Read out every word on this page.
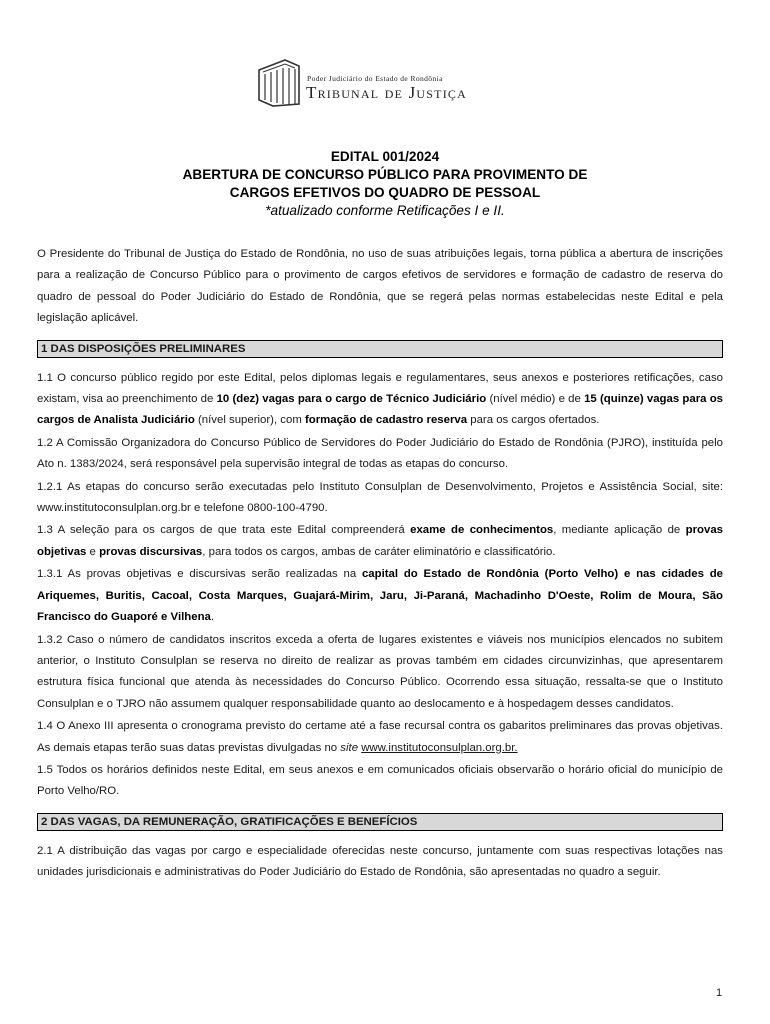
Poder Judiciário do Estado de Rondônia
Tribunal de Justiça
EDITAL 001/2024
ABERTURA DE CONCURSO PÚBLICO PARA PROVIMENTO DE
CARGOS EFETIVOS DO QUADRO DE PESSOAL
*atualizado conforme Retificações I e II.

O Presidente do Tribunal de Justiça do Estado de Rondônia, no uso de suas atribuições legais, torna pública a abertura de inscrições para a realização de Concurso Público para o provimento de cargos efetivos de servidores e formação de cadastro de reserva do quadro de pessoal do Poder Judiciário do Estado de Rondônia, que se regerá pelas normas estabelecidas neste Edital e pela legislação aplicável.

1 DAS DISPOSIÇÕES PRELIMINARES

1.1 O concurso público regido por este Edital, pelos diplomas legais e regulamentares, seus anexos e posteriores retificações, caso existam, visa ao preenchimento de 10 (dez) vagas para o cargo de Técnico Judiciário (nível médio) e de 15 (quinze) vagas para os cargos de Analista Judiciário (nível superior), com formação de cadastro reserva para os cargos ofertados.

1.2 A Comissão Organizadora do Concurso Público de Servidores do Poder Judiciário do Estado de Rondônia (PJRO), instituída pelo Ato n. 1383/2024, será responsável pela supervisão integral de todas as etapas do concurso.

1.2.1 As etapas do concurso serão executadas pelo Instituto Consulplan de Desenvolvimento, Projetos e Assistência Social, site: www.institutoconsulplan.org.br e telefone 0800-100-4790.

1.3 A seleção para os cargos de que trata este Edital compreenderá exame de conhecimentos, mediante aplicação de provas objetivas e provas discursivas, para todos os cargos, ambas de caráter eliminatório e classificatório.

1.3.1 As provas objetivas e discursivas serão realizadas na capital do Estado de Rondônia (Porto Velho) e nas cidades de Ariquemes, Buritis, Cacoal, Costa Marques, Guajará-Mirim, Jaru, Ji-Paraná, Machadinho D'Oeste, Rolim de Moura, São Francisco do Guaporé e Vilhena.

1.3.2 Caso o número de candidatos inscritos exceda a oferta de lugares existentes e viáveis nos municípios elencados no subitem anterior, o Instituto Consulplan se reserva no direito de realizar as provas também em cidades circunvizinhas, que apresentarem estrutura física funcional que atenda às necessidades do Concurso Público. Ocorrendo essa situação, ressalta-se que o Instituto Consulplan e o TJRO não assumem qualquer responsabilidade quanto ao deslocamento e à hospedagem desses candidatos.

1.4 O Anexo III apresenta o cronograma previsto do certame até a fase recursal contra os gabaritos preliminares das provas objetivas. As demais etapas terão suas datas previstas divulgadas no site www.institutoconsulplan.org.br.

1.5 Todos os horários definidos neste Edital, em seus anexos e em comunicados oficiais observarão o horário oficial do município de Porto Velho/RO.

2 DAS VAGAS, DA REMUNERAÇÃO, GRATIFICAÇÕES E BENEFÍCIOS

2.1 A distribuição das vagas por cargo e especialidade oferecidas neste concurso, juntamente com suas respectivas lotações nas unidades jurisdicionais e administrativas do Poder Judiciário do Estado de Rondônia, são apresentadas no quadro a seguir.

1
